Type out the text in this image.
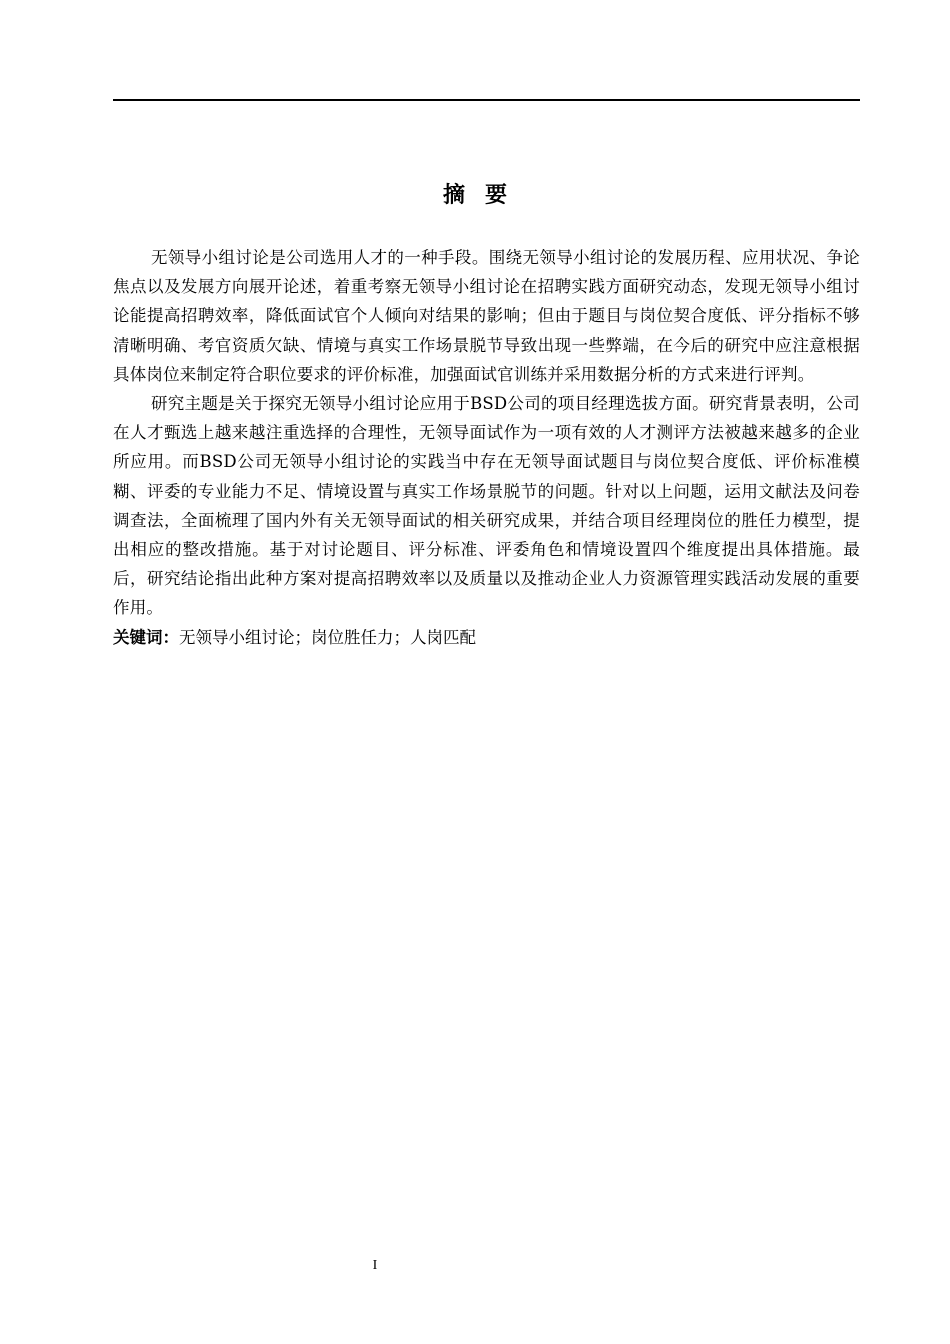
摘要

无领导小组讨论是公司选用人才的一种手段。围绕无领导小组讨论的发展历程、应用状况、争论焦点以及发展方向展开论述，着重考察无领导小组讨论在招聘实践方面研究动态，发现无领导小组讨论能提高招聘效率，降低面试官个人倾向对结果的影响；但由于题目与岗位契合度低、评分指标不够清晰明确、考官资质欠缺、情境与真实工作场景脱节导致出现一些弊端，在今后的研究中应注意根据具体岗位来制定符合职位要求的评价标准，加强面试官训练并采用数据分析的方式来进行评判。

研究主题是关于探究无领导小组讨论应用于BSD公司的项目经理选拔方面。研究背景表明，公司在人才甄选上越来越注重选择的合理性，无领导面试作为一项有效的人才测评方法被越来越多的企业所应用。而BSD公司无领导小组讨论的实践当中存在无领导面试题目与岗位契合度低、评价标准模糊、评委的专业能力不足、情境设置与真实工作场景脱节的问题。针对以上问题，运用文献法及问卷调查法，全面梳理了国内外有关无领导面试的相关研究成果，并结合项目经理岗位的胜任力模型，提出相应的整改措施。基于对讨论题目、评分标准、评委角色和情境设置四个维度提出具体措施。最后，研究结论指出此种方案对提高招聘效率以及质量以及推动企业人力资源管理实践活动发展的重要作用。

关键词：无领导小组讨论；岗位胜任力；人岗匹配

I
